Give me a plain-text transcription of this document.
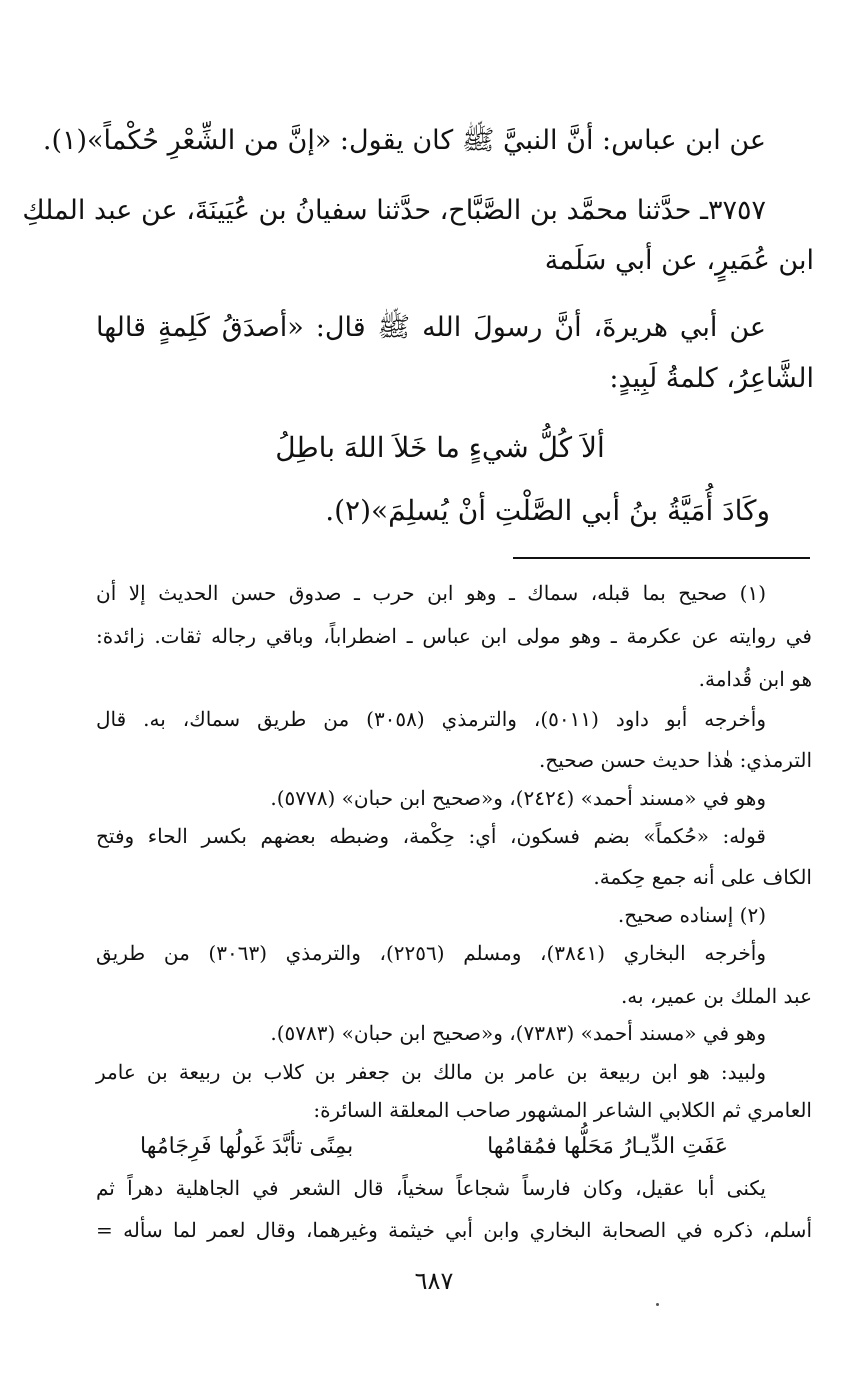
عن ابن عباس: أنَّ النبيَّ ﷺ كان يقول: «إنَّ من الشِّعْرِ حُكْماً»(١).
٣٧٥٧ـ حدَّثنا محمَّد بن الصَّبَّاح، حدَّثنا سفيانُ بن عُيَينَةَ، عن عبد الملكِ
ابن عُمَيرٍ، عن أبي سَلَمة
عن أبي هريرةَ، أنَّ رسولَ الله ﷺ قال: «أصدَقُ كَلِمةٍ قالها
الشَّاعِرُ، كلمةُ لَبِيدٍ:
ألاَ كُلُّ شيءٍ ما خَلاَ اللهَ باطِلُ
وكَادَ أُمَيَّةُ بنُ أبي الصَّلْتِ أنْ يُسلِمَ»(٢).
(١) صحيح بما قبله، سماك ـ وهو ابن حرب ـ صدوق حسن الحديث إلا أن
في روايته عن عكرمة ـ وهو مولى ابن عباس ـ اضطراباً، وباقي رجاله ثقات. زائدة:
هو ابن قُدامة.
وأخرجه أبو داود (٥٠١١)، والترمذي (٣٠٥٨) من طريق سماك، به. قال
الترمذي: هٰذا حديث حسن صحيح.
وهو في «مسند أحمد» (٢٤٢٤)، و«صحيح ابن حبان» (٥٧٧٨).
قوله: «حُكماً» بضم فسكون، أي: حِكْمة، وضبطه بعضهم بكسر الحاء وفتح
الكاف على أنه جمع حِكمة.
(٢) إسناده صحيح.
وأخرجه البخاري (٣٨٤١)، ومسلم (٢٢٥٦)، والترمذي (٣٠٦٣) من طريق
عبد الملك بن عمير، به.
وهو في «مسند أحمد» (٧٣٨٣)، و«صحيح ابن حبان» (٥٧٨٣).
ولبيد: هو ابن ربيعة بن عامر بن مالك بن جعفر بن كلاب بن ربيعة بن عامر
العامري ثم الكلابي الشاعر المشهور صاحب المعلقة السائرة:
عَفَتِ الدِّيـارُ مَحَلُّها فمُقامُها
بمِنًى تأبَّدَ غَولُها فَرِجَامُها
يكنى أبا عقيل، وكان فارساً شجاعاً سخياً، قال الشعر في الجاهلية دهراً ثم
أسلم، ذكره في الصحابة البخاري وابن أبي خيثمة وغيرهما، وقال لعمر لما سأله =
٦٨٧
